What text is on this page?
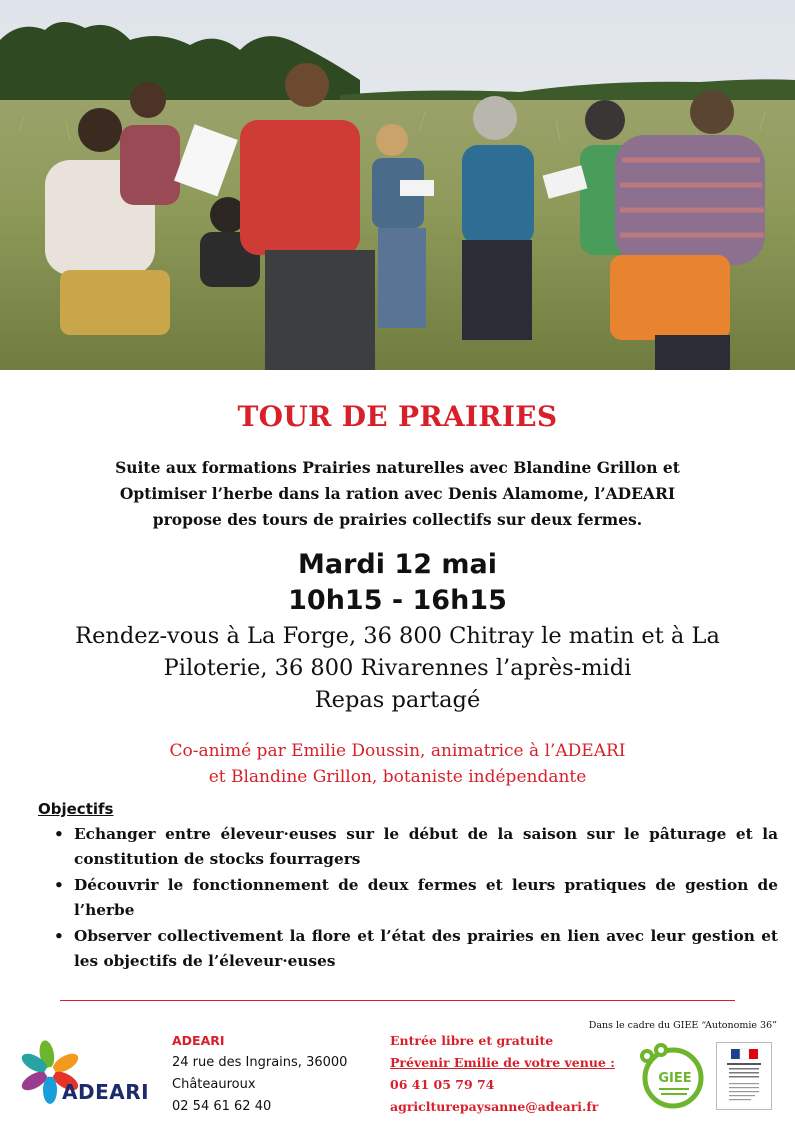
TOUR DE PRAIRIES
Suite aux formations Prairies naturelles avec Blandine Grillon et
Optimiser l’herbe dans la ration avec Denis Alamome, l’ADEARI
propose des tours de prairies collectifs sur deux fermes.
Mardi 12 mai
10h15 - 16h15
Rendez-vous à La Forge, 36 800 Chitray le matin et à La
Piloterie, 36 800 Rivarennes l’après-midi
Repas partagé
Co-animé par Emilie Doussin, animatrice à l’ADEARI
et Blandine Grillon, botaniste indépendante
Objectifs
• Echanger entre éleveur·euses sur le début de la saison sur le pâturage et la constitution de stocks fourragers
• Découvrir le fonctionnement de deux fermes et leurs pratiques de gestion de l’herbe
• Observer collectivement la flore et l’état des prairies en lien avec leur gestion et les objectifs de l’éleveur·euses
Dans le cadre du GIEE “Autonomie 36”
ADEARI
ADEARI
24 rue des Ingrains, 36000
Châteauroux
02 54 61 62 40
Entrée libre et gratuite
Prévenir Emilie de votre venue :
06 41 05 79 74
agriclturepaysanne@adeari.fr
GIEE
